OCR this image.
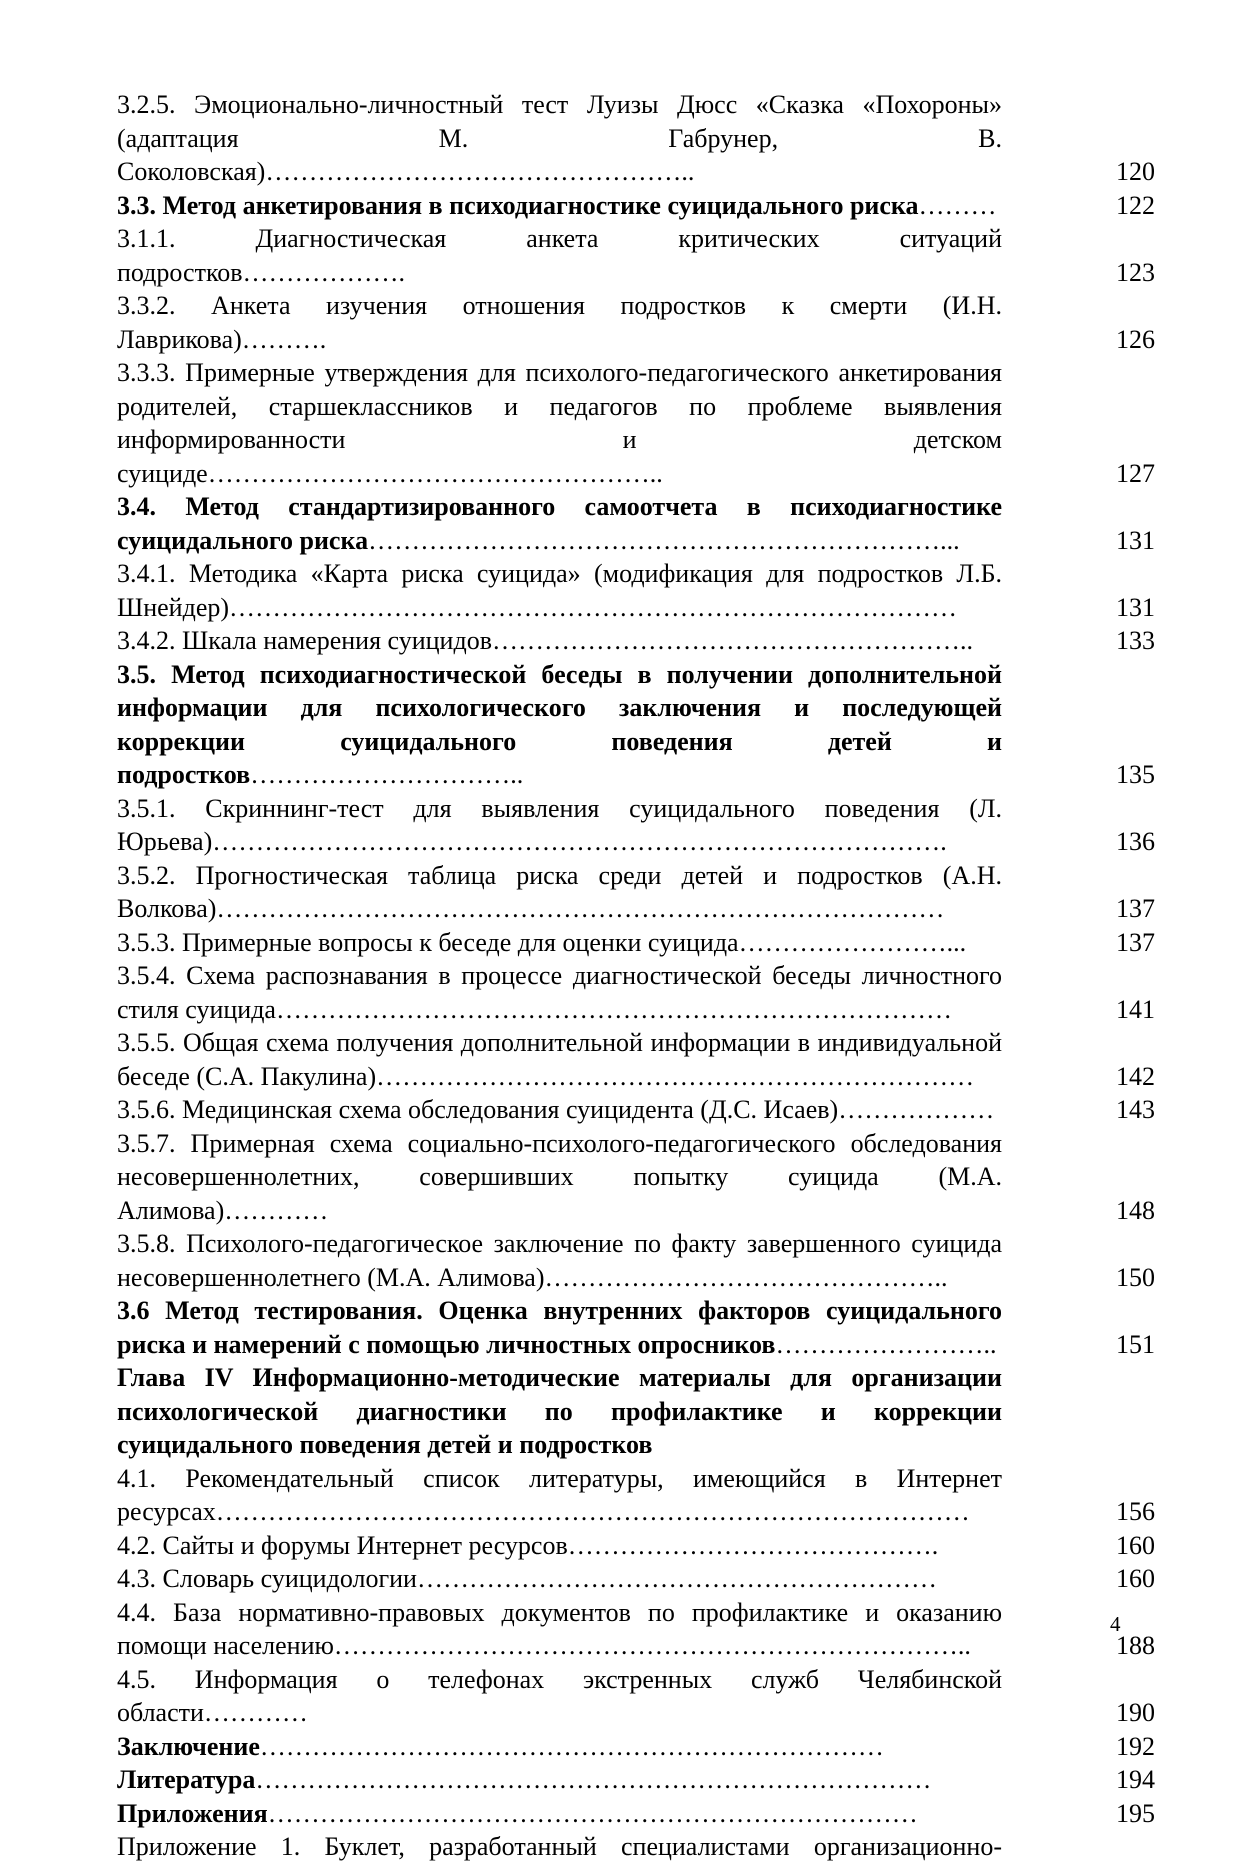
3.2.5. Эмоционально-личностный тест Луизы Дюсс «Сказка «Похороны» (адаптация М. Габрунер, В. Соколовская)…………………………………………..	120
3.3. Метод анкетирования в психодиагностике суицидального риска………	122
3.1.1. Диагностическая анкета критических ситуаций подростков……………….	123
3.3.2. Анкета изучения отношения подростков к смерти (И.Н. Лаврикова)……….	126
3.3.3. Примерные утверждения для психолого-педагогического анкетирования родителей, старшеклассников и педагогов по проблеме выявления информированности и детском суициде……………………………………………..	127
3.4. Метод стандартизированного самоотчета в психодиагностике суицидального риска…………………………………………………………...	131
3.4.1. Методика «Карта риска суицида» (модификация для подростков Л.Б. Шнейдер)…………………………………………………………………………	131
3.4.2. Шкала намерения суицидов………………………………………………..	133
3.5. Метод психодиагностической беседы в получении дополнительной информации для психологического заключения и последующей коррекции суицидального поведения детей и подростков…………………………..	135
3.5.1. Скриннинг-тест для выявления суицидального поведения (Л. Юрьева)………………………………………………………………………….	136
3.5.2. Прогностическая таблица риска среди детей и подростков (А.Н. Волкова)…………………………………………………………………………	137
3.5.3. Примерные вопросы к беседе для оценки суицида……………………...	137
3.5.4. Схема распознавания в процессе диагностической беседы личностного стиля суицида……………………………………………………………………	141
3.5.5. Общая схема получения дополнительной информации в индивидуальной беседе (С.А. Пакулина)……………………………………………………………	142
3.5.6. Медицинская схема обследования суицидента (Д.С. Исаев)………………	143
3.5.7. Примерная схема социально-психолого-педагогического обследования несовершеннолетних, совершивших попытку суицида (М.А. Алимова)…………	148
3.5.8. Психолого-педагогическое заключение по факту завершенного суицида несовершеннолетнего (М.А. Алимова)………………………………………..	150
3.6 Метод тестирования. Оценка внутренних факторов суицидального риска и намерений с помощью личностных опросников……………………..	151
Глава IV Информационно-методические материалы для организации психологической диагностики по профилактике и коррекции суицидального поведения детей и подростков
4.1. Рекомендательный список литературы, имеющийся в Интернет ресурсах……………………………………………………………………………	156
4.2. Сайты и форумы Интернет ресурсов…………………………………….	160
4.3. Словарь суицидологии……………………………………………………	160
4.4. База нормативно-правовых документов по профилактике и оказанию помощи населению………………………………………………………………..	188
4.5. Информация о телефонах экстренных служб Челябинской области…………	190
Заключение………………………………………………………………	192
Литература……………………………………………………………………	194
Приложения…………………………………………………………………	195
Приложение 1. Буклет, разработанный специалистами организационно-
4
